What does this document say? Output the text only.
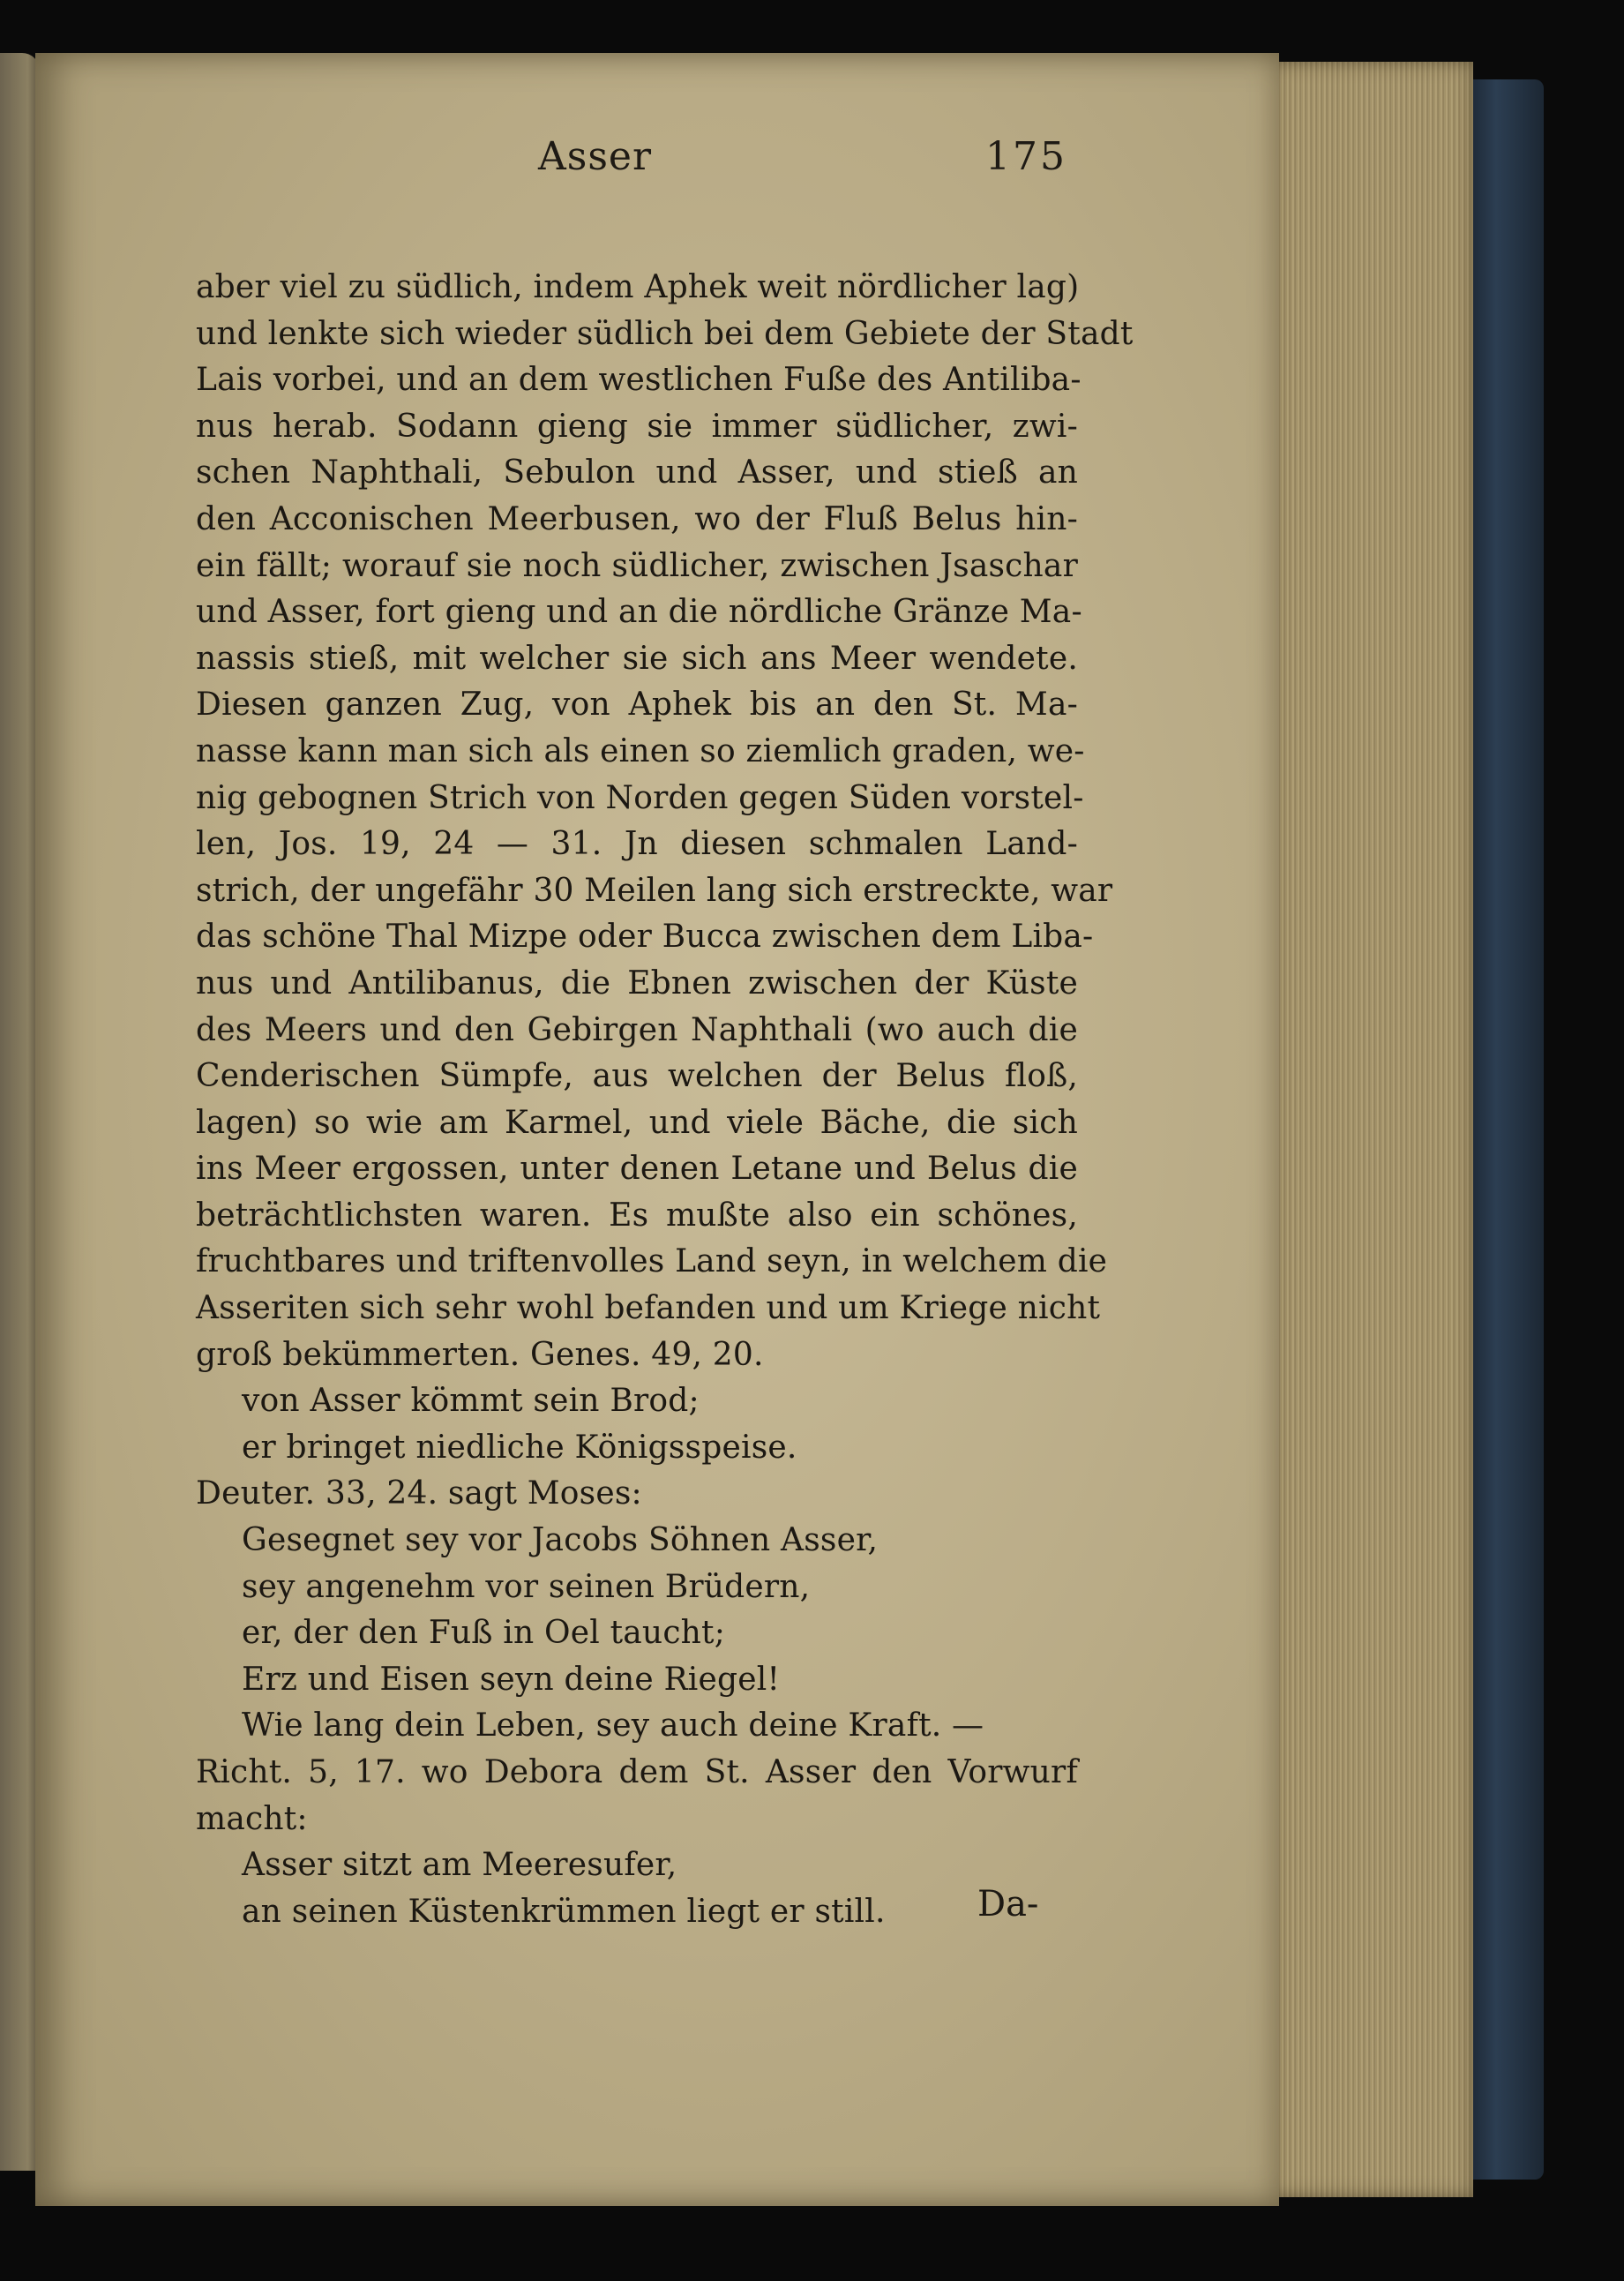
Asser	175
aber viel zu südlich, indem Aphek weit nördlicher lag)
und lenkte sich wieder südlich bei dem Gebiete der Stadt
Lais vorbei, und an dem westlichen Fuße des Antiliba-
nus herab. Sodann gieng sie immer südlicher, zwi-
schen Naphthali, Sebulon und Asser, und stieß an
den Acconischen Meerbusen, wo der Fluß Belus hin-
ein fällt; worauf sie noch südlicher, zwischen Jsaschar
und Asser, fort gieng und an die nördliche Gränze Ma-
nassis stieß, mit welcher sie sich ans Meer wendete.
Diesen ganzen Zug, von Aphek bis an den St. Ma-
nasse kann man sich als einen so ziemlich graden, we-
nig gebognen Strich von Norden gegen Süden vorstel-
len, Jos. 19, 24 — 31. Jn diesen schmalen Land-
strich, der ungefähr 30 Meilen lang sich erstreckte, war
das schöne Thal Mizpe oder Bucca zwischen dem Liba-
nus und Antilibanus, die Ebnen zwischen der Küste
des Meers und den Gebirgen Naphthali (wo auch die
Cenderischen Sümpfe, aus welchen der Belus floß,
lagen) so wie am Karmel, und viele Bäche, die sich
ins Meer ergossen, unter denen Letane und Belus die
beträchtlichsten waren. Es mußte also ein schönes,
fruchtbares und triftenvolles Land seyn, in welchem die
Asseriten sich sehr wohl befanden und um Kriege nicht
groß bekümmerten. Genes. 49, 20.
von Asser kömmt sein Brod;
er bringet niedliche Königsspeise.
Deuter. 33, 24. sagt Moses:
Gesegnet sey vor Jacobs Söhnen Asser,
sey angenehm vor seinen Brüdern,
er, der den Fuß in Oel taucht;
Erz und Eisen seyn deine Riegel!
Wie lang dein Leben, sey auch deine Kraft. —
Richt. 5, 17. wo Debora dem St. Asser den Vorwurf
macht:
Asser sitzt am Meeresufer,
an seinen Küstenkrümmen liegt er still.	Da-
